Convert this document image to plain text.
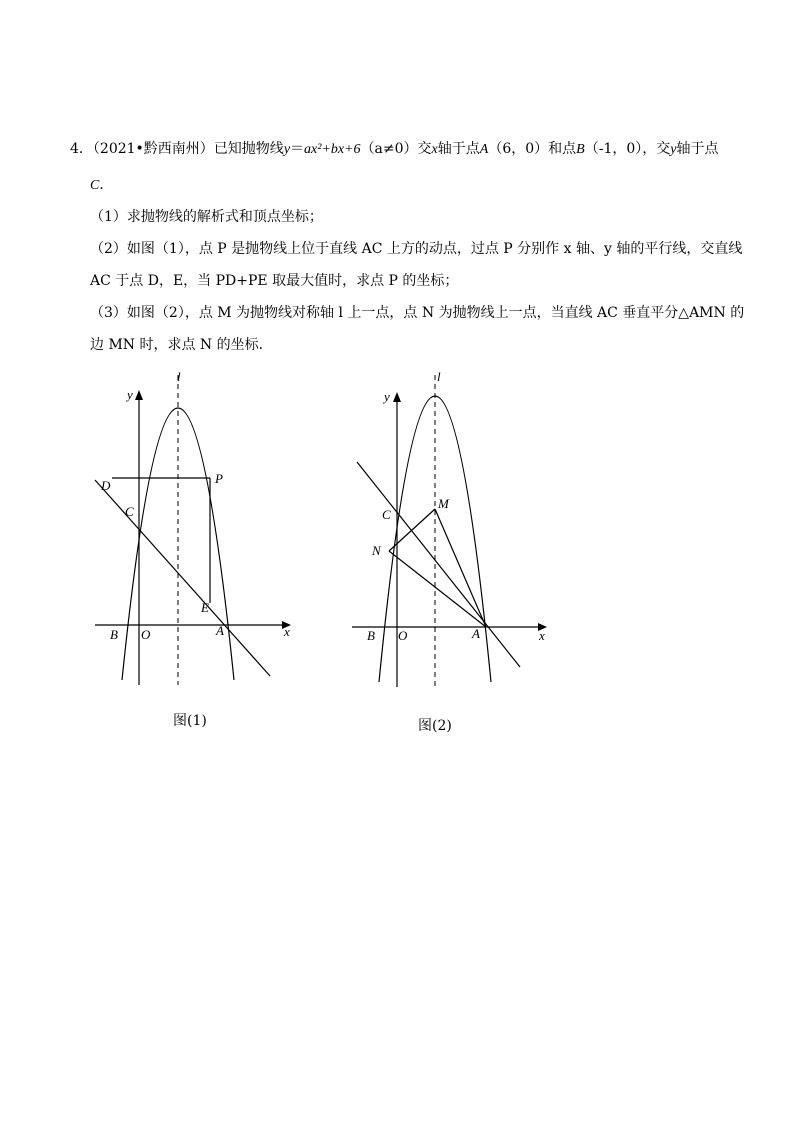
4．（2021•黔西南州）已知抛物线y＝ax²+bx+6（a≠0）交x轴于点A（6，0）和点B（-1，0），交y轴于点
C．
（1）求抛物线的解析式和顶点坐标；
（2）如图（1），点 P 是抛物线上位于直线 AC 上方的动点，过点 P 分别作 x 轴、y 轴的平行线，交直线
AC 于点 D，E，当 PD+PE 取最大值时，求点 P 的坐标；
（3）如图（2），点 M 为抛物线对称轴 l 上一点，点 N 为抛物线上一点，当直线 AC 垂直平分△AMN 的
边 MN 时，求点 N 的坐标．
l
y
x
P
D
C
E
B O	A
图(1)
l
y
x
M
C
N
B O	A
图(2)
